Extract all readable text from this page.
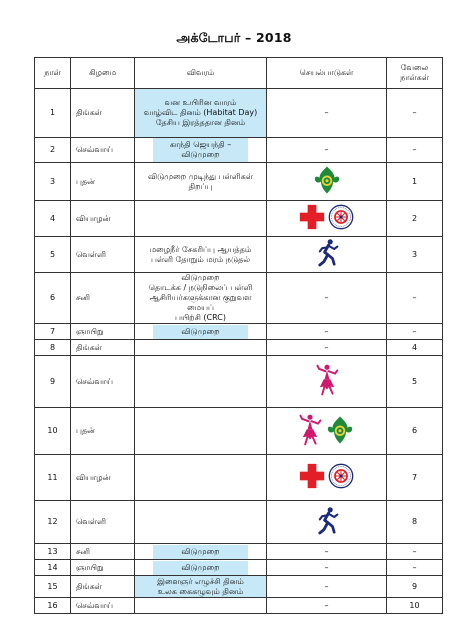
அக்டோபர் – 2018
நாள்	கிழமை	விவரம்	செயல்பாடுகள்	வேலை
நாள்கள்
1	திங்கள்	வன உயிரின வாரம்
வாழ்விட தினம் (Habitat Day)
தேசிய இரத்ததான தினம்	–	–
2	செவ்வாய்	காந்தி ஜெயந்தி – விடுமுறை	–	–
3	புதன்	விடுமுறை முடிந்து பள்ளிகள் திறப்பு		1
4	வியாழன்			2
5	வெள்ளி	மழைநீர் சேகரிப்பு ஆயத்தம்
பள்ளி தோறும் மரம் நடுதல்		3
6	சனி	விடுமுறை
தொடக்க / நடுநிலைப் பள்ளி
ஆசிரியர்களுக்கான குறுவள மையப்
பயிற்சி (CRC)	–	–
7	ஞாயிறு	விடுமுறை	–	–
8	திங்கள்		–	4
9	செவ்வாய்			5
10	புதன்			6
11	வியாழன்			7
12	வெள்ளி			8
13	சனி	விடுமுறை	–	–
14	ஞாயிறு	விடுமுறை	–	–
15	திங்கள்	இளைஞர் எழுச்சி தினம்
உலக கைகழுவும் தினம்	–	9
16	செவ்வாய்		–	10
